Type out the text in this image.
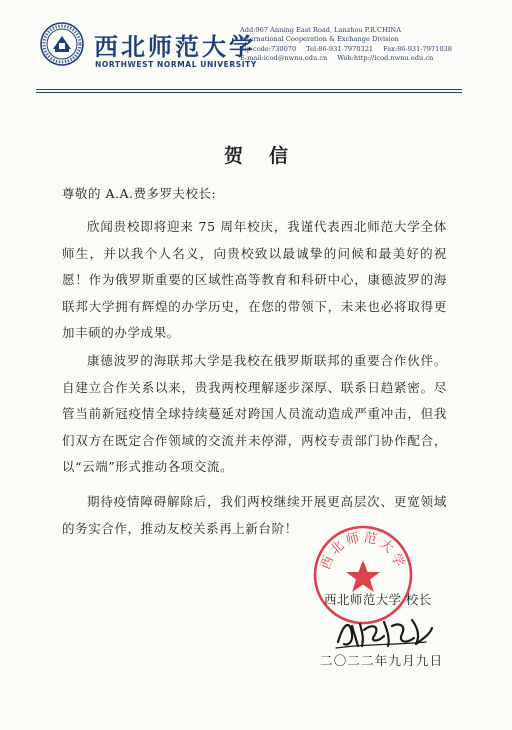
西北师范大学
NORTHWEST NORMAL UNIVERSITY
Add:967 Anning East Road, Lanzhou P.R.CHINA
International Cooperation & Exchange Division
Zip code:730070 Tel:86-931-7970321 Fax:86-931-7971038
E-mail:icod@nwnu.edu.cn Web:http://icod.nwnu.edu.cn
贺信
尊敬的 A.A.费多罗夫校长:
欣闻贵校即将迎来 75 周年校庆，我谨代表西北师范大学全体师生，并以我个人名义，向贵校致以最诚挚的问候和最美好的祝愿！作为俄罗斯重要的区域性高等教育和科研中心，康德波罗的海联邦大学拥有辉煌的办学历史，在您的带领下，未来也必将取得更加丰硕的办学成果。
康德波罗的海联邦大学是我校在俄罗斯联邦的重要合作伙伴。自建立合作关系以来，贵我两校理解逐步深厚、联系日趋紧密。尽管当前新冠疫情全球持续蔓延对跨国人员流动造成严重冲击，但我们双方在既定合作领域的交流并未停滞，两校专责部门协作配合，以“云端”形式推动各项交流。
期待疫情障碍解除后，我们两校继续开展更高层次、更宽领域的务实合作，推动友校关系再上新台阶！
西北师范大学
西北师范大学 校长
二〇二二年九月九日
